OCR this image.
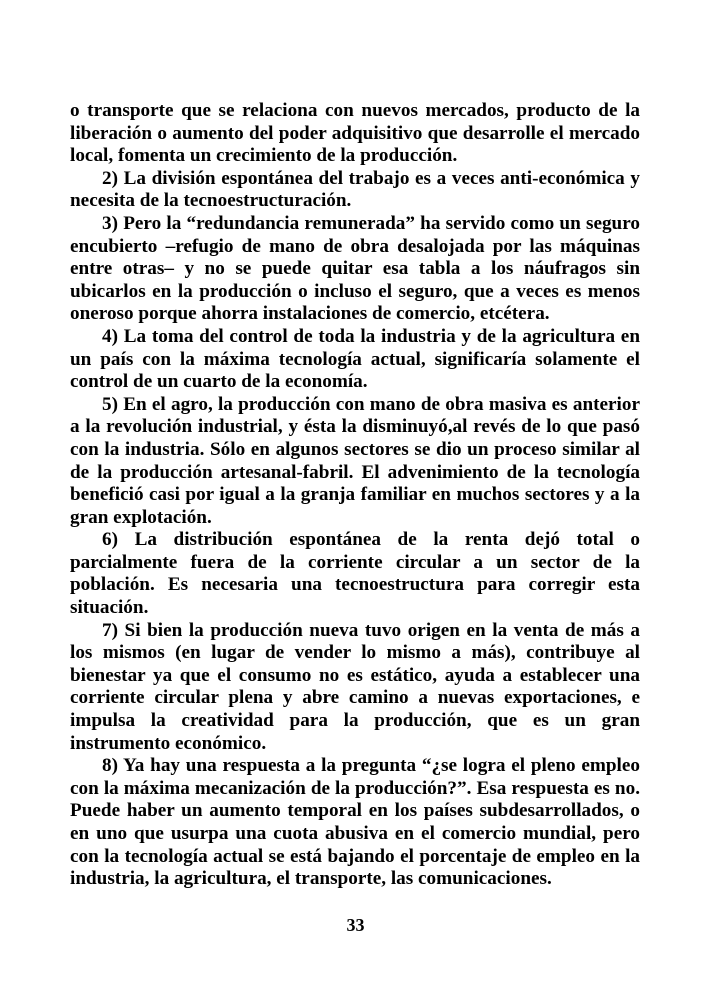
o transporte que se relaciona con nuevos mercados, producto de la liberación o aumento del poder adquisitivo que desarrolle el mercado local, fomenta un crecimiento de la producción.

2) La división espontánea del trabajo es a veces anti-económica y necesita de la tecnoestructuración.

3) Pero la “redundancia remunerada” ha servido como un seguro encubierto –refugio de mano de obra desalojada por las máquinas entre otras– y no se puede quitar esa tabla a los náufragos sin ubicarlos en la producción o incluso el seguro, que a veces es menos oneroso porque ahorra instalaciones de comercio, etcétera.

4) La toma del control de toda la industria y de la agricultura en un país con la máxima tecnología actual, significaría solamente el control de un cuarto de la economía.

5) En el agro, la producción con mano de obra masiva es anterior a la revolución industrial, y ésta la disminuyó,al revés de lo que pasó con la industria. Sólo en algunos sectores se dio un proceso similar al de la producción artesanal-fabril. El advenimiento de la tecnología benefició casi por igual a la granja familiar en muchos sectores y a la gran explotación.

6) La distribución espontánea de la renta dejó total o parcialmente fuera de la corriente circular a un sector de la población. Es necesaria una tecnoestructura para corregir esta situación.

7) Si bien la producción nueva tuvo origen en la venta de más a los mismos (en lugar de vender lo mismo a más), contribuye al bienestar ya que el consumo no es estático, ayuda a establecer una corriente circular plena y abre camino a nuevas exportaciones, e impulsa la creatividad para la producción, que es un gran instrumento económico.

8) Ya hay una respuesta a la pregunta “¿se logra el pleno empleo con la máxima mecanización de la producción?”. Esa respuesta es no. Puede haber un aumento temporal en los países subdesarrollados, o en uno que usurpa una cuota abusiva en el comercio mundial, pero con la tecnología actual se está bajando el porcentaje de empleo en la industria, la agricultura, el transporte, las comunicaciones.

33
